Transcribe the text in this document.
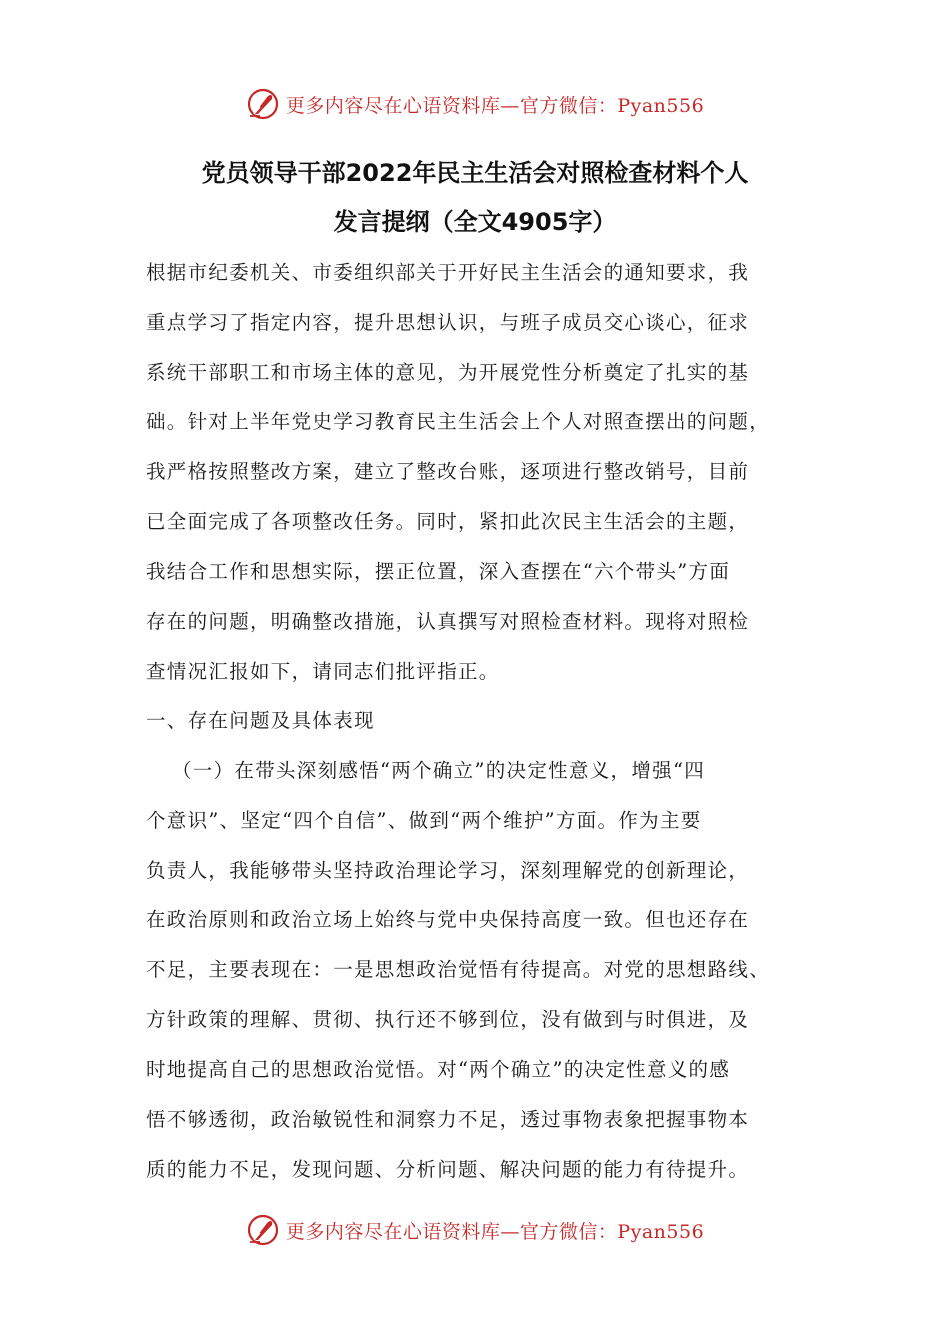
更多内容尽在心语资料库—官方微信：Pyan556
党员领导干部2022年民主生活会对照检查材料个人
发言提纲（全文4905字）
根据市纪委机关、市委组织部关于开好民主生活会的通知要求，我
重点学习了指定内容，提升思想认识，与班子成员交心谈心，征求
系统干部职工和市场主体的意见，为开展党性分析奠定了扎实的基
础。针对上半年党史学习教育民主生活会上个人对照查摆出的问题，
我严格按照整改方案，建立了整改台账，逐项进行整改销号，目前
已全面完成了各项整改任务。同时，紧扣此次民主生活会的主题，
我结合工作和思想实际，摆正位置，深入查摆在“六个带头”方面
存在的问题，明确整改措施，认真撰写对照检查材料。现将对照检
查情况汇报如下，请同志们批评指正。
一、存在问题及具体表现
（一）在带头深刻感悟“两个确立”的决定性意义，增强“四
个意识”、坚定“四个自信”、做到“两个维护”方面。作为主要
负责人，我能够带头坚持政治理论学习，深刻理解党的创新理论，
在政治原则和政治立场上始终与党中央保持高度一致。但也还存在
不足，主要表现在：一是思想政治觉悟有待提高。对党的思想路线、
方针政策的理解、贯彻、执行还不够到位，没有做到与时俱进，及
时地提高自己的思想政治觉悟。对“两个确立”的决定性意义的感
悟不够透彻，政治敏锐性和洞察力不足，透过事物表象把握事物本
质的能力不足，发现问题、分析问题、解决问题的能力有待提升。
更多内容尽在心语资料库—官方微信：Pyan556
